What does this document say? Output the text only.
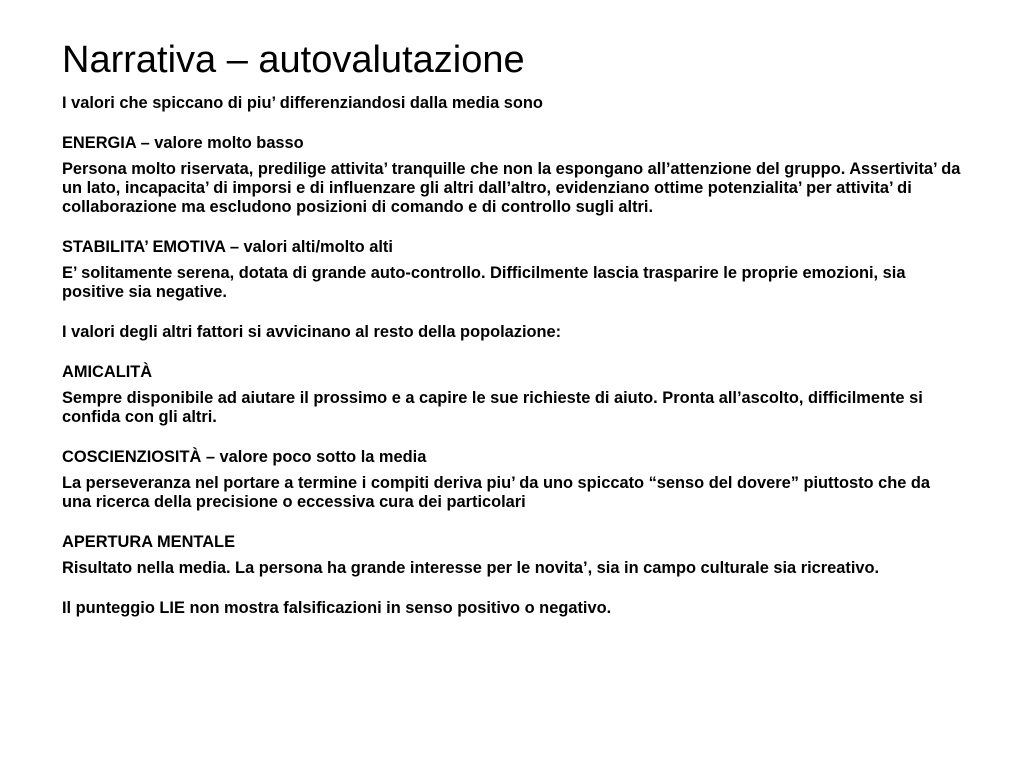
Narrativa – autovalutazione

I valori che spiccano di piu’ differenziandosi dalla media sono

ENERGIA – valore molto basso

Persona molto riservata, predilige attivita’ tranquille che non la espongano all’attenzione del gruppo. Assertivita’ da un lato, incapacita’ di imporsi e di influenzare gli altri dall’altro, evidenziano ottime potenzialita’ per attivita’ di collaborazione ma escludono posizioni di comando e di controllo sugli altri.

STABILITA’ EMOTIVA – valori alti/molto alti

E’ solitamente serena, dotata di grande auto-controllo. Difficilmente lascia trasparire le proprie emozioni, sia positive sia negative.

I valori degli altri fattori si avvicinano al resto della popolazione:

AMICALITÀ

Sempre disponibile ad aiutare il prossimo e a capire le sue richieste di aiuto. Pronta all’ascolto, difficilmente si confida con gli altri.

COSCIENZIOSITÀ – valore poco sotto la media

La perseveranza nel portare a termine i compiti deriva piu’ da uno spiccato “senso del dovere” piuttosto che da una ricerca della precisione o eccessiva cura dei particolari

APERTURA MENTALE

Risultato nella media. La persona ha grande interesse per le novita’, sia in campo culturale sia ricreativo.

Il punteggio LIE non mostra falsificazioni in senso positivo o negativo.
